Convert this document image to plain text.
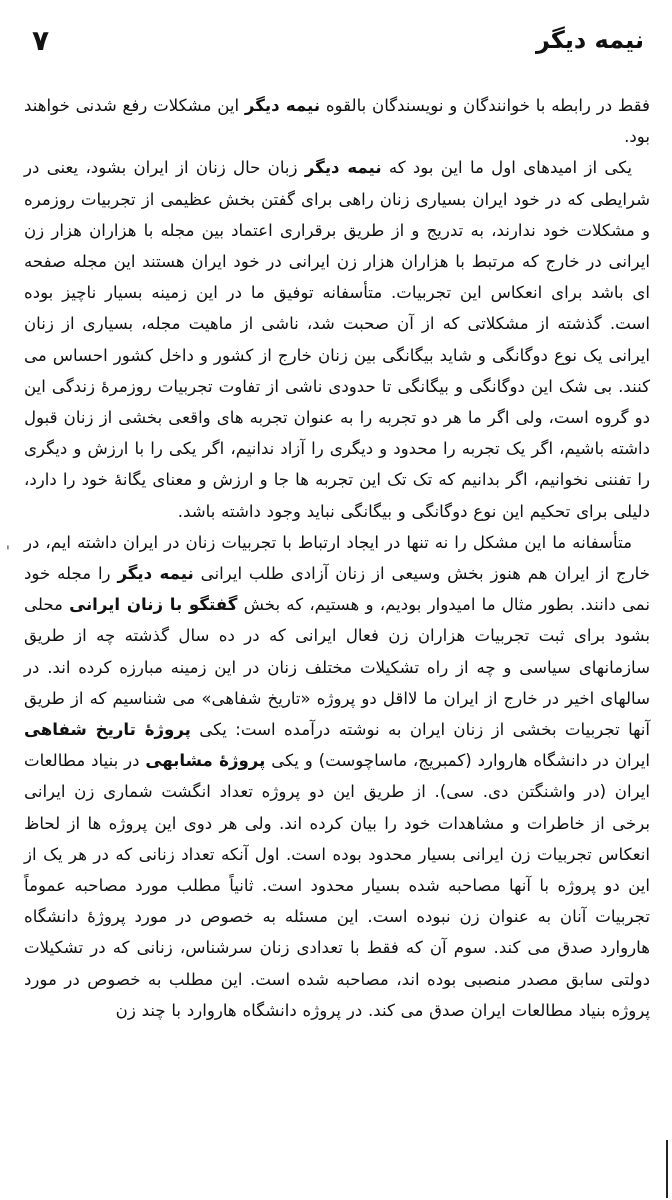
نیمه دیگر
۷

فقط در رابطه با خوانندگان و نویسندگان بالقوه نیمه دیگر این مشکلات رفع شدنی خواهند بود.

یکی از امیدهای اول ما این بود که نیمه دیگر زبان حال زنان از ایران بشود، یعنی در شرایطی که در خود ایران بسیاری زنان راهی برای گفتن بخش عظیمی از تجربیات روزمره و مشکلات خود ندارند، به تدریج و از طریق برقراری اعتماد بین مجله با هزاران هزار زن ایرانی در خارج که مرتبط با هزاران هزار زن ایرانی در خود ایران هستند این مجله صفحه ای باشد برای انعکاس این تجربیات. متأسفانه توفیق ما در این زمینه بسیار ناچیز بوده است. گذشته از مشکلاتی که از آن صحبت شد، ناشی از ماهیت مجله، بسیاری از زنان ایرانی یک نوع دوگانگی و شاید بیگانگی بین زنان خارج از کشور و داخل کشور احساس می کنند. بی شک این دوگانگی و بیگانگی تا حدودی ناشی از تفاوت تجربیات روزمرهٔ زندگی این دو گروه است، ولی اگر ما هر دو تجربه را به عنوان تجربه های واقعی بخشی از زنان قبول داشته باشیم، اگر یک تجربه را محدود و دیگری را آزاد ندانیم، اگر یکی را با ارزش و دیگری را تفننی نخوانیم، اگر بدانیم که تک تک این تجربه ها جا و ارزش و معنای یگانهٔ خود را دارد، دلیلی برای تحکیم این نوع دوگانگی و بیگانگی نباید وجود داشته باشد.

متأسفانه ما این مشکل را نه تنها در ایجاد ارتباط با تجربیات زنان در ایران داشته ایم، در خارج از ایران هم هنوز بخش وسیعی از زنان آزادی طلب ایرانی نیمه دیگر را مجله خود نمی دانند. بطور مثال ما امیدوار بودیم، و هستیم، که بخش گفتگو با زنان ایرانی محلی بشود برای ثبت تجربیات هزاران زن فعال ایرانی که در ده سال گذشته چه از طریق سازمانهای سیاسی و چه از راه تشکیلات مختلف زنان در این زمینه مبارزه کرده اند. در سالهای اخیر در خارج از ایران ما لااقل دو پروژه «تاریخ شفاهی» می شناسیم که از طریق آنها تجربیات بخشی از زنان ایران به نوشته درآمده است: یکی پروژهٔ تاریخ شفاهی ایران در دانشگاه هاروارد (کمبریج، ماساچوست) و یکی پروژهٔ مشابهی در بنیاد مطالعات ایران (در واشنگتن دی. سی). از طریق این دو پروژه تعداد انگشت شماری زن ایرانی برخی از خاطرات و مشاهدات خود را بیان کرده اند. ولی هر دوی این پروژه ها از لحاظ انعکاس تجربیات زن ایرانی بسیار محدود بوده است. اول آنکه تعداد زنانی که در هر یک از این دو پروژه با آنها مصاحبه شده بسیار محدود است. ثانیاً مطلب مورد مصاحبه عموماً تجربیات آنان به عنوان زن نبوده است. این مسئله به خصوص در مورد پروژهٔ دانشگاه هاروارد صدق می کند. سوم آن که فقط با تعدادی زنان سرشناس، زنانی که در تشکیلات دولتی سابق مصدر منصبی بوده اند، مصاحبه شده است. این مطلب به خصوص در مورد پروژه بنیاد مطالعات ایران صدق می کند. در پروژه دانشگاه هاروارد با چند زن

'
